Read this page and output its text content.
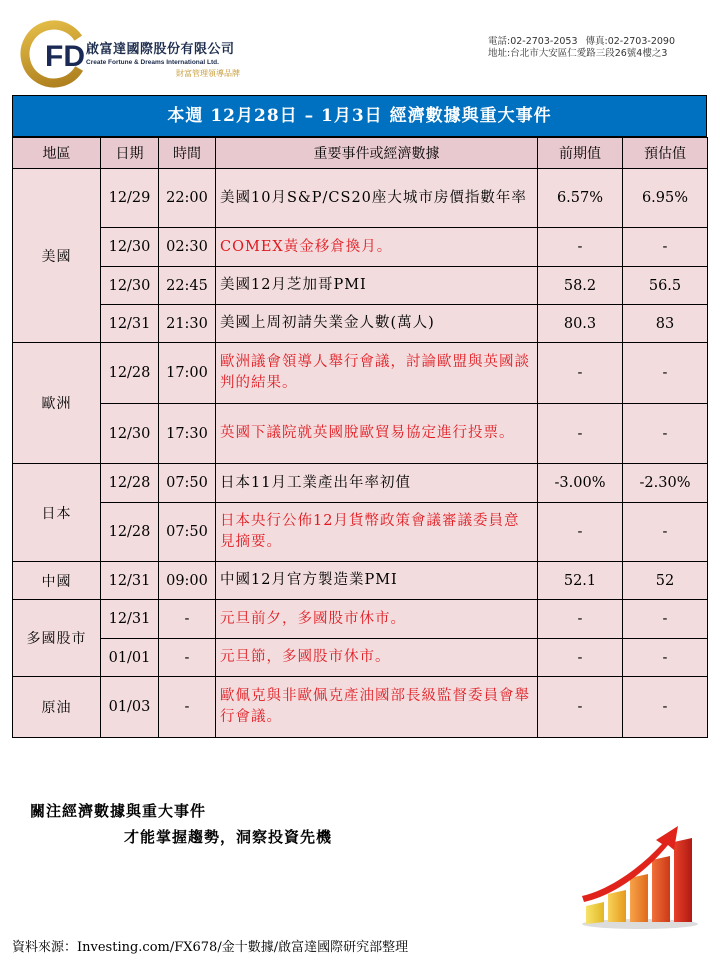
FD 啟富達國際股份有限公司
Create Fortune & Dreams International Ltd.
財富管理領導品牌
電話:02-2703-2053 傳真:02-2703-2090
地址:台北市大安區仁愛路三段26號4樓之3
本週 12月28日 – 1月3日 經濟數據與重大事件
地區	日期	時間	重要事件或經濟數據	前期值	預估值
美國	12/29	22:00	美國10月S&P/CS20座大城市房價指數年率	6.57%	6.95%
	12/30	02:30	COMEX黃金移倉換月。	-	-
	12/30	22:45	美國12月芝加哥PMI	58.2	56.5
	12/31	21:30	美國上周初請失業金人數(萬人)	80.3	83
歐洲	12/28	17:00	歐洲議會領導人舉行會議，討論歐盟與英國談判的結果。	-	-
	12/30	17:30	英國下議院就英國脫歐貿易協定進行投票。	-	-
日本	12/28	07:50	日本11月工業產出年率初值	-3.00%	-2.30%
	12/28	07:50	日本央行公佈12月貨幣政策會議審議委員意見摘要。	-	-
中國	12/31	09:00	中國12月官方製造業PMI	52.1	52
多國股市	12/31	-	元旦前夕，多國股市休市。	-	-
	01/01	-	元旦節，多國股市休市。	-	-
原油	01/03	-	歐佩克與非歐佩克產油國部長級監督委員會舉行會議。	-	-
關注經濟數據與重大事件
才能掌握趨勢，洞察投資先機
資料來源：Investing.com/FX678/金十數據/啟富達國際研究部整理
